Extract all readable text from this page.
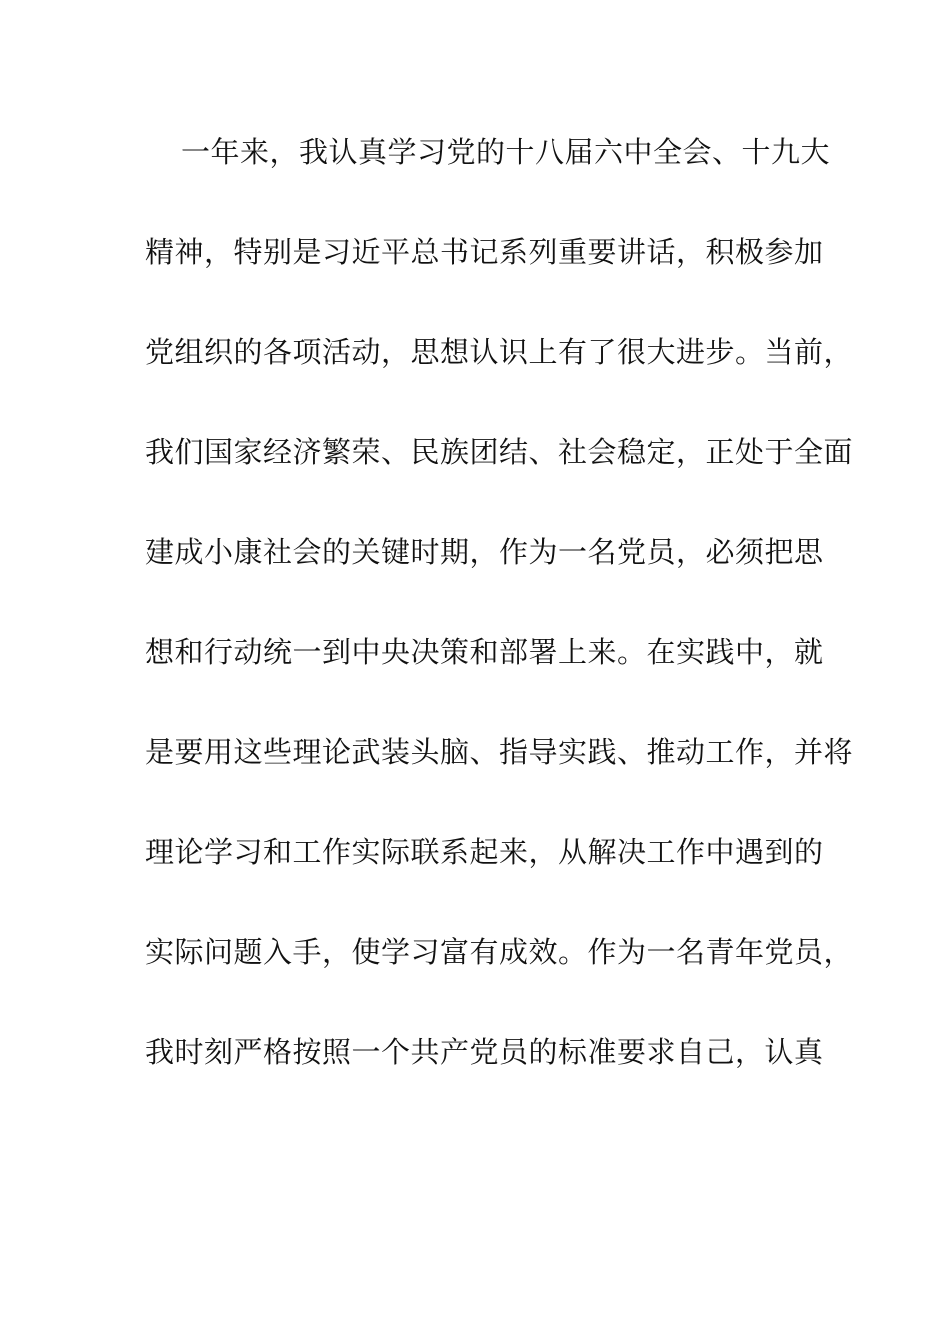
一年来，我认真学习党的十八届六中全会、十九大
精神，特别是习近平总书记系列重要讲话，积极参加
党组织的各项活动，思想认识上有了很大进步。当前，
我们国家经济繁荣、民族团结、社会稳定，正处于全面
建成小康社会的关键时期，作为一名党员，必须把思
想和行动统一到中央决策和部署上来。在实践中，就
是要用这些理论武装头脑、指导实践、推动工作，并将
理论学习和工作实际联系起来，从解决工作中遇到的
实际问题入手，使学习富有成效。作为一名青年党员，
我时刻严格按照一个共产党员的标准要求自己，认真
